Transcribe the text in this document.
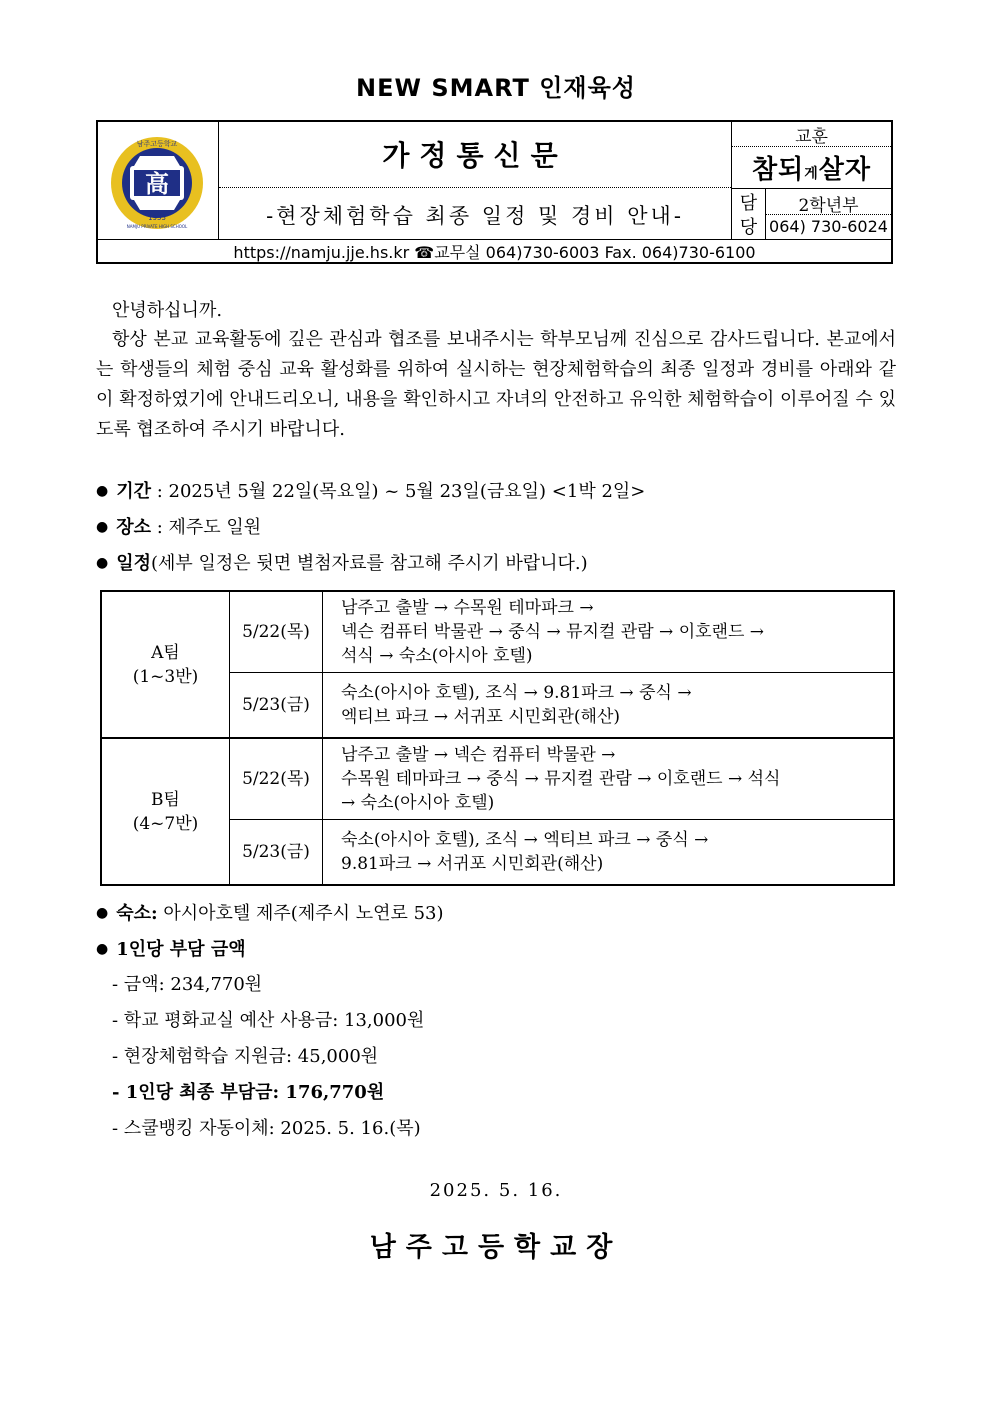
NEW SMART 인재육성
高
1955
남주고등학교
NAMJU PRIVATE HIGH SCHOOL
가정통신문
-현장체험학습 최종 일정 및 경비 안내-
교훈
참되게살자
담
당
2학년부
064) 730-6024
https://namju.jje.hs.kr ☎교무실 064)730-6003 Fax. 064)730-6100
안녕하십니까.
항상 본교 교육활동에 깊은 관심과 협조를 보내주시는 학부모님께 진심으로 감사드립니다. 본교에서는 학생들의 체험 중심 교육 활성화를 위하여 실시하는 현장체험학습의 최종 일정과 경비를 아래와 같이 확정하였기에 안내드리오니, 내용을 확인하시고 자녀의 안전하고 유익한 체험학습이 이루어질 수 있도록 협조하여 주시기 바랍니다.
● 기간 : 2025년 5월 22일(목요일) ~ 5월 23일(금요일) <1박 2일>
● 장소 : 제주도 일원
● 일정(세부 일정은 뒷면 별첨자료를 참고해 주시기 바랍니다.)
A팀
(1~3반)	5/22(목)	남주고 출발 → 수목원 테마파크 →
넥슨 컴퓨터 박물관 → 중식 → 뮤지컬 관람 → 이호랜드 →
석식 → 숙소(아시아 호텔)
	5/23(금)	숙소(아시아 호텔), 조식 → 9.81파크 → 중식 →
엑티브 파크 → 서귀포 시민회관(해산)
B팀
(4~7반)	5/22(목)	남주고 출발 → 넥슨 컴퓨터 박물관 →
수목원 테마파크 → 중식 → 뮤지컬 관람 → 이호랜드 → 석식
→ 숙소(아시아 호텔)
	5/23(금)	숙소(아시아 호텔), 조식 → 엑티브 파크 → 중식 →
9.81파크 → 서귀포 시민회관(해산)
● 숙소: 아시아호텔 제주(제주시 노연로 53)
● 1인당 부담 금액
- 금액: 234,770원
- 학교 평화교실 예산 사용금: 13,000원
- 현장체험학습 지원금: 45,000원
- 1인당 최종 부담금: 176,770원
- 스쿨뱅킹 자동이체: 2025. 5. 16.(목)
2025. 5. 16.
남주고등학교장
